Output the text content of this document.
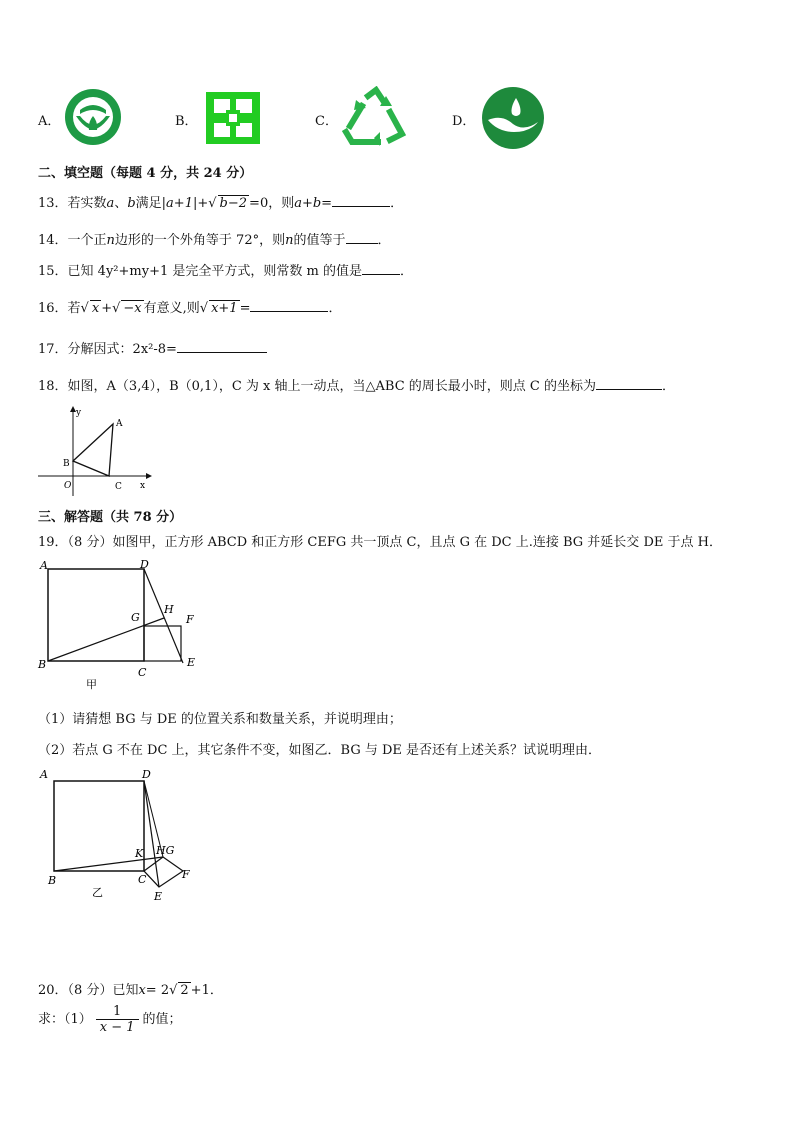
A．	B．	C．	D．
二、填空题（每题 4 分，共 24 分）
13．若实数a、b满足|a+1|+√ b−2 =0，则a+b=	．
14．一个正n边形的一个外角等于 72°，则n的值等于 ．
15．已知 4y²+my+1 是完全平方式，则常数 m 的值是	．
16．若√ x +√ −x 有意义,则√ x+1 =	．
17．分解因式：2x²-8=
18．如图，A（3,4），B（0,1），C 为 x 轴上一动点，当△ABC 的周长最小时，则点 C 的坐标为	．
y
x
A
B
O	C
三、解答题（共 78 分）
19．（8 分）如图甲，正方形 ABCD 和正方形 CEFG 共一顶点 C，且点 G 在 DC 上.连接 BG 并延长交 DE 于点 H．
A	D
G
H
F
B
C
E
甲
（1）请猜想 BG 与 DE 的位置关系和数量关系，并说明理由；
（2）若点 G 不在 DC 上，其它条件不变，如图乙．BG 与 DE 是否还有上述关系？试说明理由．
A	D
K HG
F
B	C
E
乙
20．（8 分）已知x= 2√ 2 +1．
求：$(1) \frac{1}{x - 1}$ 的值；
